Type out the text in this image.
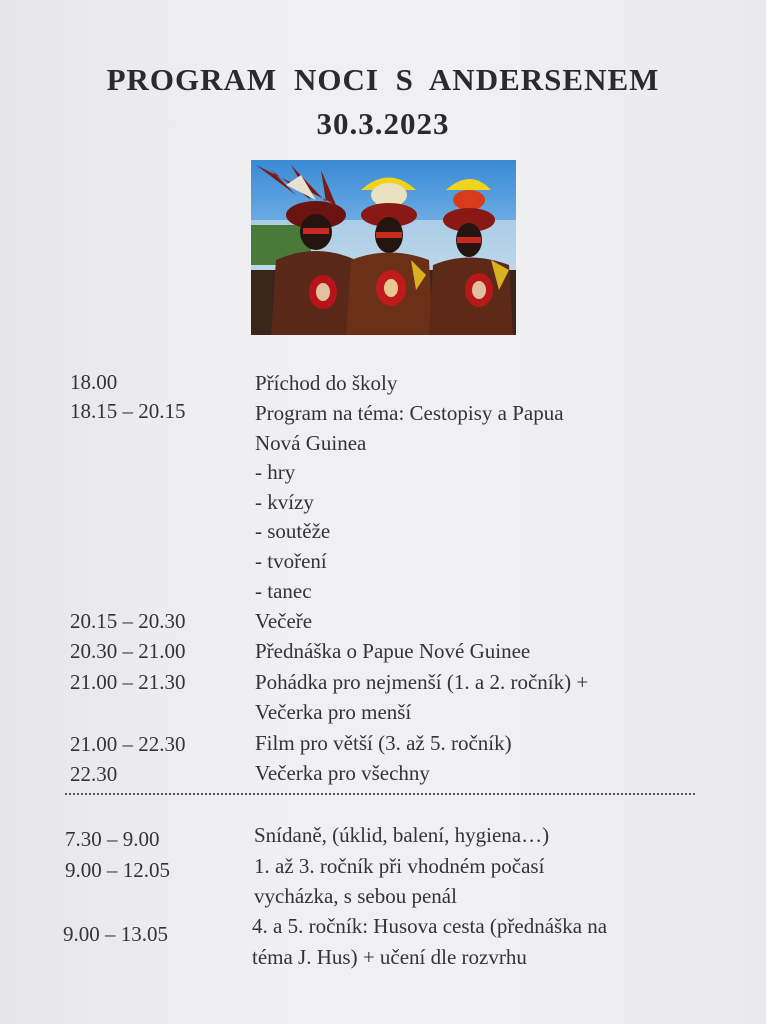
PROGRAM NOCI S ANDERSENEM
30.3.2023
18.00	Příchod do školy
18.15 – 20.15	Program na téma: Cestopisy a Papua
Nová Guinea
- hry
- kvízy
- soutěže
- tvoření
- tanec
20.15 – 20.30	Večeře
20.30 – 21.00	Přednáška o Papue Nové Guinee
21.00 – 21.30	Pohádka pro nejmenší (1. a 2. ročník) +
Večerka pro menší
21.00 – 22.30	Film pro větší (3. až 5. ročník)
22.30	Večerka pro všechny
7.30 – 9.00	Snídaně, (úklid, balení, hygiena…)
9.00 – 12.05	1. až 3. ročník při vhodném počasí
vycházka, s sebou penál
9.00 – 13.05	4. a 5. ročník: Husova cesta (přednáška na
téma J. Hus) + učení dle rozvrhu
